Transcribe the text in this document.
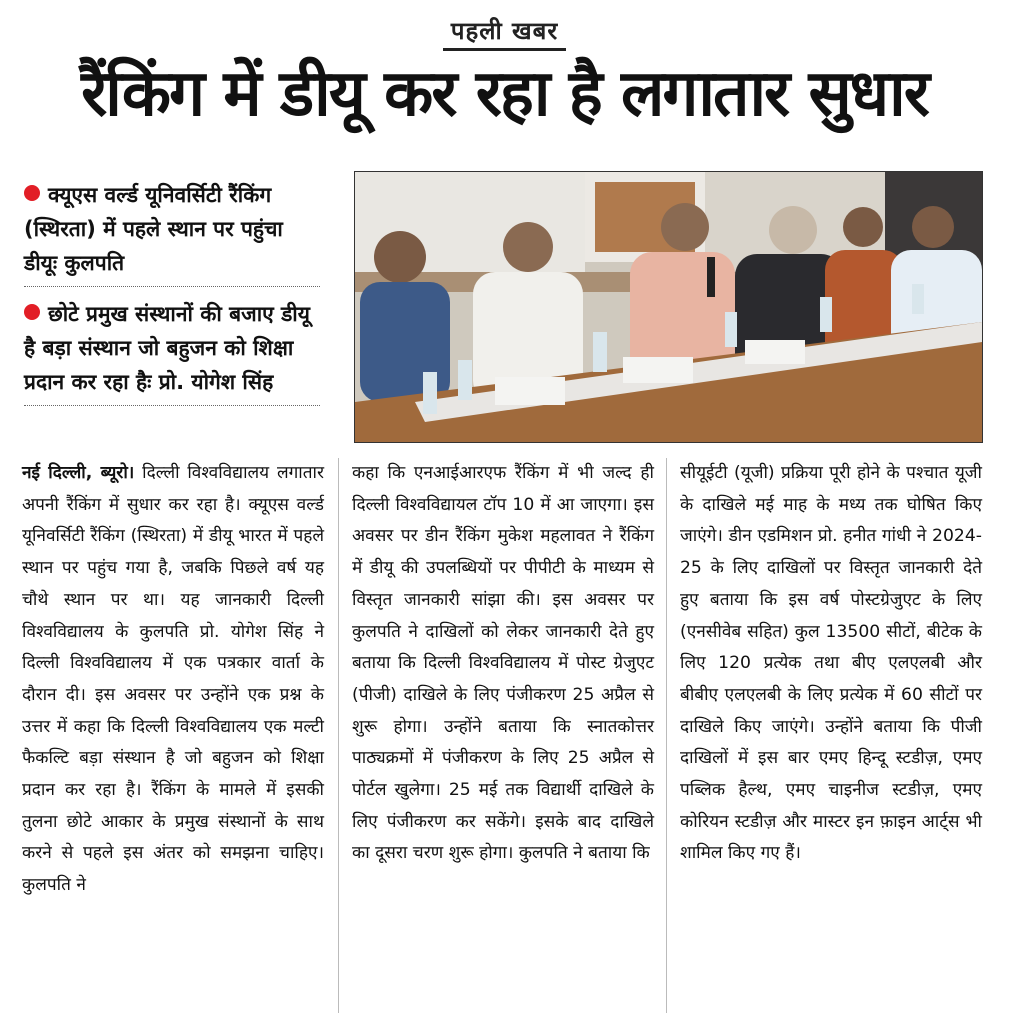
पहली खबर
रैंकिंग में डीयू कर रहा है लगातार सुधार
क्यूएस वर्ल्ड यूनिवर्सिटी रैंकिंग (स्थिरता) में पहले स्थान पर पहुंचा डीयूः कुलपति
छोटे प्रमुख संस्थानों की बजाए डीयू है बड़ा संस्थान जो बहुजन को शिक्षा प्रदान कर रहा हैः प्रो. योगेश सिंह
नई दिल्ली, ब्यूरो। दिल्ली विश्वविद्यालय लगातार अपनी रैंकिंग में सुधार कर रहा है। क्यूएस वर्ल्ड यूनिवर्सिटी रैंकिंग (स्थिरता) में डीयू भारत में पहले स्थान पर पहुंच गया है, जबकि पिछले वर्ष यह चौथे स्थान पर था। यह जानकारी दिल्ली विश्वविद्यालय के कुलपति प्रो. योगेश सिंह ने दिल्ली विश्वविद्यालय में एक पत्रकार वार्ता के दौरान दी। इस अवसर पर उन्होंने एक प्रश्न के उत्तर में कहा कि दिल्ली विश्वविद्यालय एक मल्टी फैकल्टि बड़ा संस्थान है जो बहुजन को शिक्षा प्रदान कर रहा है। रैंकिंग के मामले में इसकी तुलना छोटे आकार के प्रमुख संस्थानों के साथ करने से पहले इस अंतर को समझना चाहिए। कुलपति ने
कहा कि एनआईआरएफ रैंकिंग में भी जल्द ही दिल्ली विश्वविद्यायल टॉप 10 में आ जाएगा। इस अवसर पर डीन रैंकिंग मुकेश महलावत ने रैंकिंग में डीयू की उपलब्धियों पर पीपीटी के माध्यम से विस्तृत जानकारी सांझा की। इस अवसर पर कुलपति ने दाखिलों को लेकर जानकारी देते हुए बताया कि दिल्ली विश्वविद्यालय में पोस्ट ग्रेजुएट (पीजी) दाखिले के लिए पंजीकरण 25 अप्रैल से शुरू होगा। उन्होंने बताया कि स्नातकोत्तर पाठ्यक्रमों में पंजीकरण के लिए 25 अप्रैल से पोर्टल खुलेगा। 25 मई तक विद्यार्थी दाखिले के लिए पंजीकरण कर सकेंगे। इसके बाद दाखिले का दूसरा चरण शुरू होगा। कुलपति ने बताया कि
सीयूईटी (यूजी) प्रक्रिया पूरी होने के पश्चात यूजी के दाखिले मई माह के मध्य तक घोषित किए जाएंगे। डीन एडमिशन प्रो. हनीत गांधी ने 2024-25 के लिए दाखिलों पर विस्तृत जानकारी देते हुए बताया कि इस वर्ष पोस्टग्रेजुएट के लिए (एनसीवेब सहित) कुल 13500 सीटों, बीटेक के लिए 120 प्रत्येक तथा बीए एलएलबी और बीबीए एलएलबी के लिए प्रत्येक में 60 सीटों पर दाखिले किए जाएंगे। उन्होंने बताया कि पीजी दाखिलों में इस बार एमए हिन्दू स्टडीज़, एमए पब्लिक हैल्थ, एमए चाइनीज स्टडीज़, एमए कोरियन स्टडीज़ और मास्टर इन फ़ाइन आर्ट्स भी शामिल किए गए हैं।
